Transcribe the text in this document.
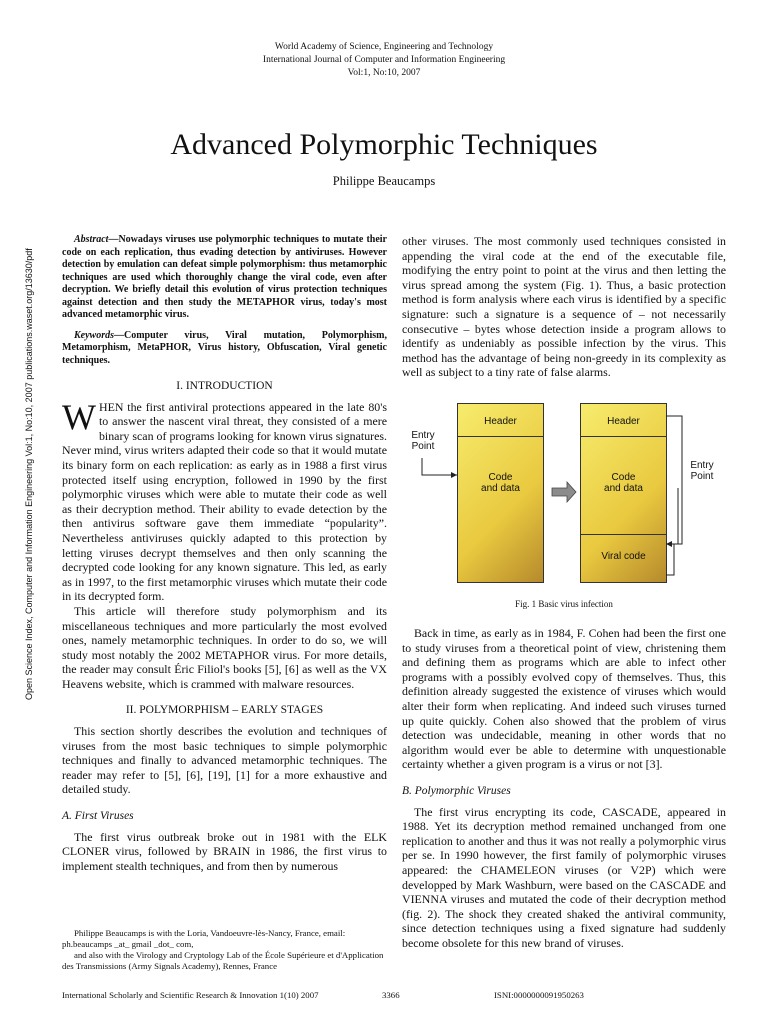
World Academy of Science, Engineering and Technology
International Journal of Computer and Information Engineering
Vol:1, No:10, 2007
Advanced Polymorphic Techniques
Philippe Beaucamps
Open Science Index, Computer and Information Engineering Vol:1, No:10, 2007 publications.waset.org/13630/pdf

Abstract—Nowadays viruses use polymorphic techniques to mutate their code on each replication, thus evading detection by antiviruses. However detection by emulation can defeat simple polymorphism: thus metamorphic techniques are used which thoroughly change the viral code, even after decryption. We briefly detail this evolution of virus protection techniques against detection and then study the METAPHOR virus, today's most advanced metamorphic virus.

Keywords—Computer virus, Viral mutation, Polymorphism, Metamorphism, MetaPHOR, Virus history, Obfuscation, Viral genetic techniques.

I. INTRODUCTION

WHEN the first antiviral protections appeared in the late 80's to answer the nascent viral threat, they consisted of a mere binary scan of programs looking for known virus signatures. Never mind, virus writers adapted their code so that it would mutate its binary form on each replication: as early as in 1988 a first virus protected itself using encryption, followed in 1990 by the first polymorphic viruses which were able to mutate their code as well as their decryption method. Their ability to evade detection by the then antivirus software gave them immediate “popularity”. Nevertheless antiviruses quickly adapted to this protection by letting viruses decrypt themselves and then only scanning the decrypted code looking for any known signature. This led, as early as in 1997, to the first metamorphic viruses which mutate their code in its decrypted form.

This article will therefore study polymorphism and its miscellaneous techniques and more particularly the most evolved ones, namely metamorphic techniques. In order to do so, we will study most notably the 2002 METAPHOR virus. For more details, the reader may consult Éric Filiol's books [5], [6] as well as the VX Heavens website, which is crammed with malware resources.

II. POLYMORPHISM – EARLY STAGES

This section shortly describes the evolution and techniques of viruses from the most basic techniques to simple polymorphic techniques and finally to advanced metamorphic techniques. The reader may refer to [5], [6], [19], [1] for a more exhaustive and detailed study.

A. First Viruses

The first virus outbreak broke out in 1981 with the ELK CLONER virus, followed by BRAIN in 1986, the first virus to implement stealth techniques, and from then by numerous

Philippe Beaucamps is with the Loria, Vandoeuvre-lès-Nancy, France, email: ph.beaucamps _at_ gmail _dot_ com,

and also with the Virology and Cryptology Lab of the École Supérieure et d'Application des Transmissions (Army Signals Academy), Rennes, France

other viruses. The most commonly used techniques consisted in appending the viral code at the end of the executable file, modifying the entry point to point at the virus and then letting the virus spread among the system (Fig. 1). Thus, a basic protection method is form analysis where each virus is identified by a specific signature: such a signature is a sequence of – not necessarily consecutive – bytes whose detection inside a program allows to identify as undeniably as possible infection by the virus. This method has the advantage of being non-greedy in its complexity as well as subject to a tiny rate of false alarms.

Header
Code
and data
Header
Code
and data
Viral code
Entry
Point
Entry
Point
Fig. 1 Basic virus infection

Back in time, as early as in 1984, F. Cohen had been the first one to study viruses from a theoretical point of view, christening them and defining them as programs which are able to infect other programs with a possibly evolved copy of themselves. Thus, this definition already suggested the existence of viruses which would alter their form when replicating. And indeed such viruses turned up quite quickly. Cohen also showed that the problem of virus detection was undecidable, meaning in other words that no algorithm would ever be able to determine with unquestionable certainty whether a given program is a virus or not [3].

B. Polymorphic Viruses

The first virus encrypting its code, CASCADE, appeared in 1988. Yet its decryption method remained unchanged from one replication to another and thus it was not really a polymorphic virus per se. In 1990 however, the first family of polymorphic viruses appeared: the CHAMELEON viruses (or V2P) which were developped by Mark Washburn, were based on the CASCADE and VIENNA viruses and mutated the code of their decryption method (fig. 2). The shock they created shaked the antiviral community, since detection techniques using a fixed signature had suddenly become obsolete for this new brand of viruses.

International Scholarly and Scientific Research & Innovation 1(10) 2007	3366	ISNI:0000000091950263
